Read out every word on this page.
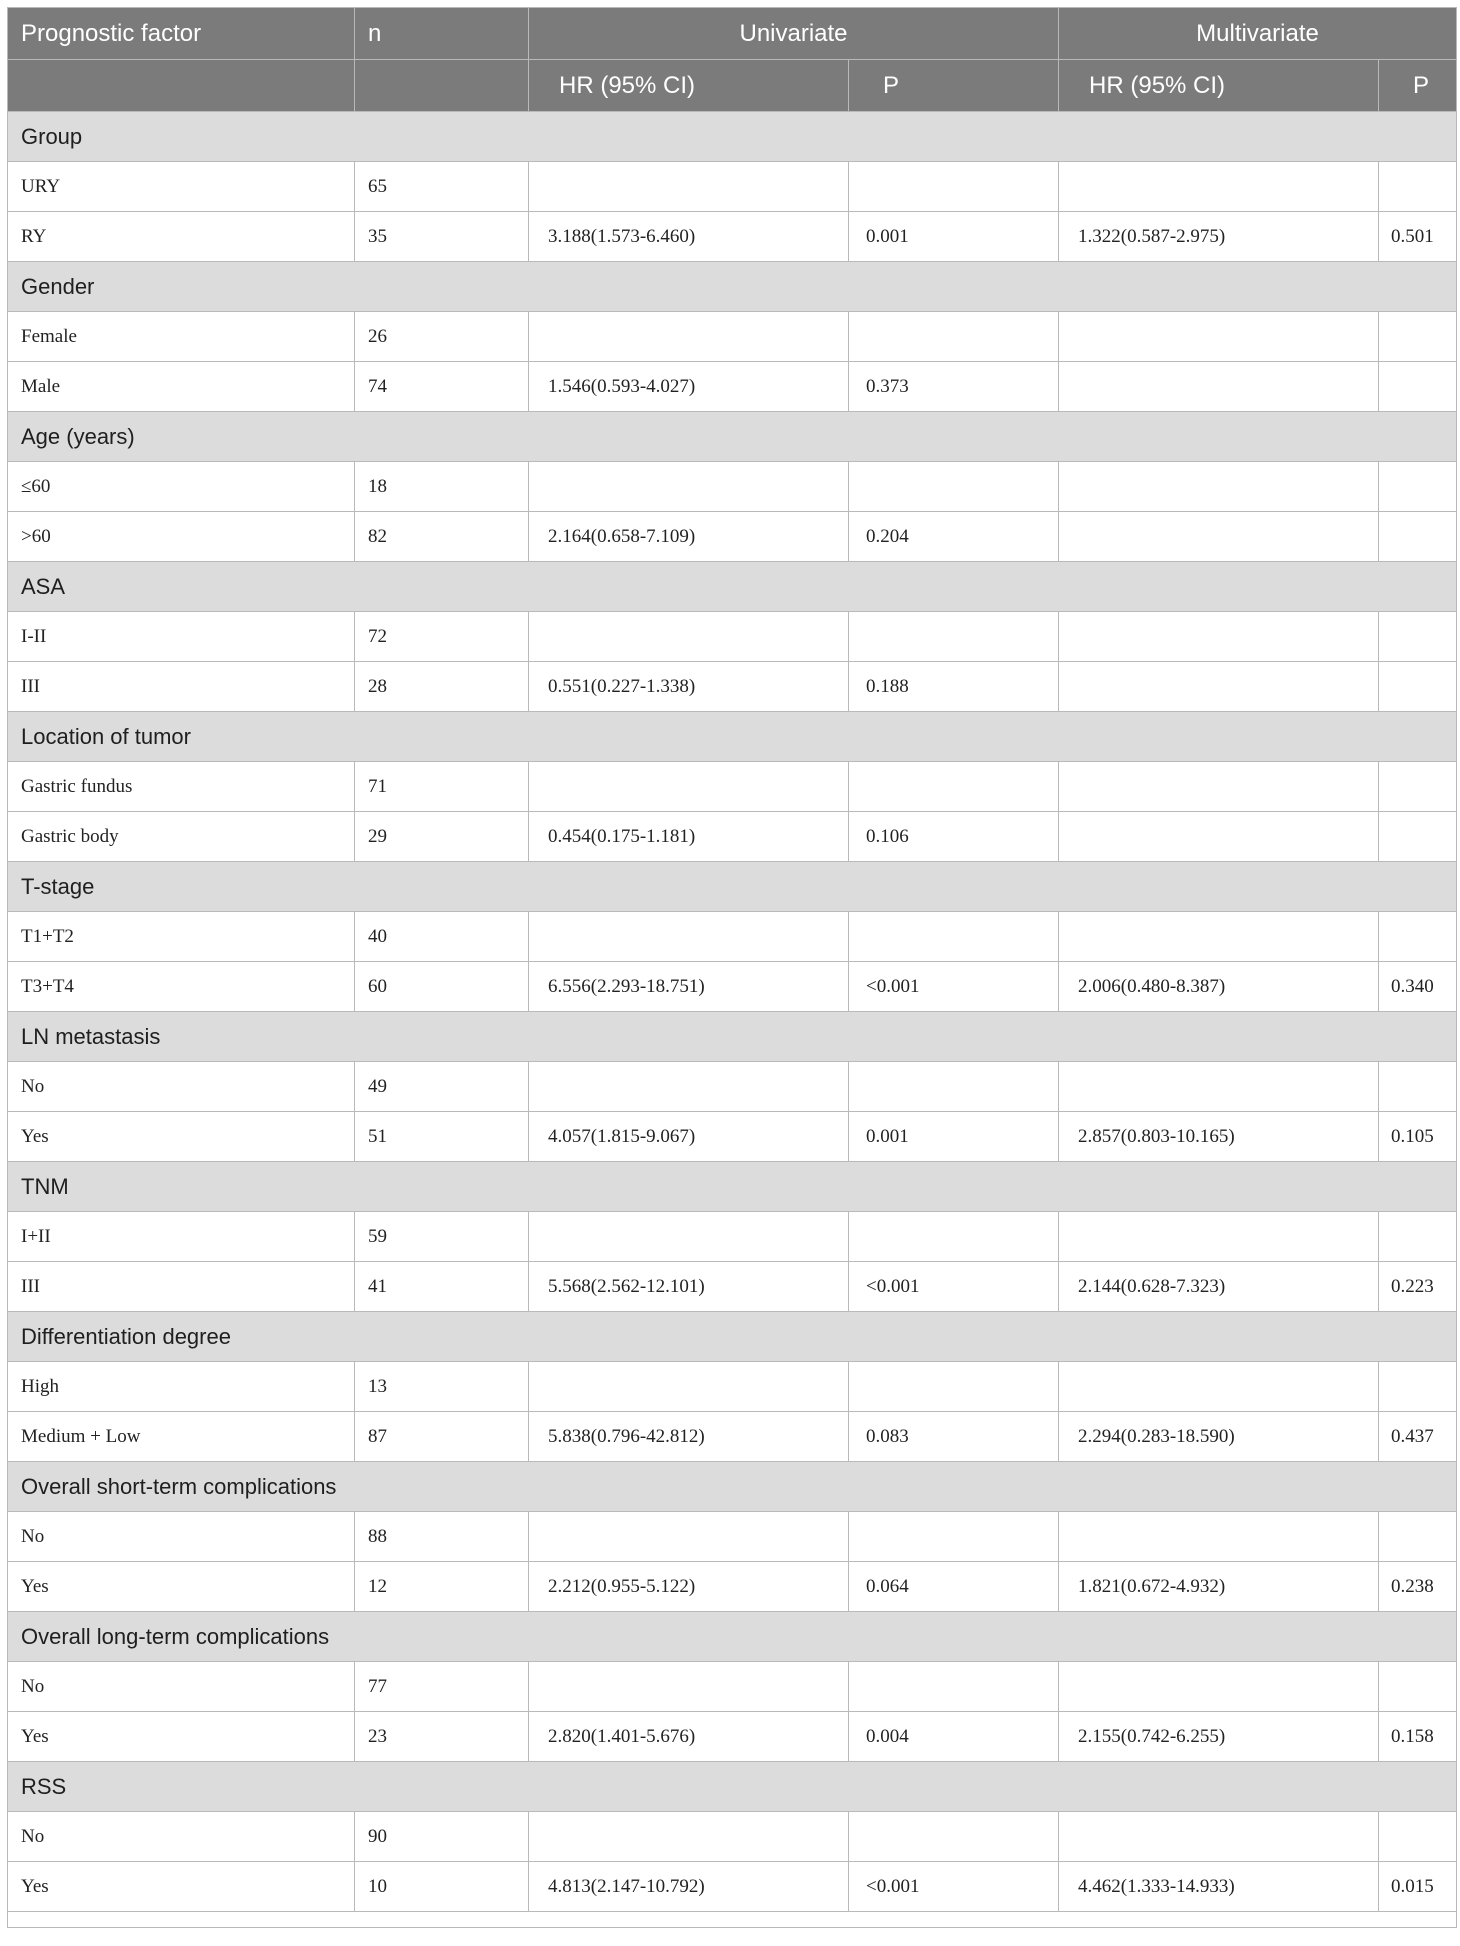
Prognostic factor	n	Univariate		Multivariate	
		HR (95% CI)	P	HR (95% CI)	P
Group					
URY	65				
RY	35	3.188(1.573-6.460)	0.001	1.322(0.587-2.975)	0.501
Gender					
Female	26				
Male	74	1.546(0.593-4.027)	0.373		
Age (years)					
≤60	18				
>60	82	2.164(0.658-7.109)	0.204		
ASA					
I-II	72				
III	28	0.551(0.227-1.338)	0.188		
Location of tumor					
Gastric fundus	71				
Gastric body	29	0.454(0.175-1.181)	0.106		
T-stage					
T1+T2	40				
T3+T4	60	6.556(2.293-18.751)	<0.001	2.006(0.480-8.387)	0.340
LN metastasis					
No	49				
Yes	51	4.057(1.815-9.067)	0.001	2.857(0.803-10.165)	0.105
TNM					
I+II	59				
III	41	5.568(2.562-12.101)	<0.001	2.144(0.628-7.323)	0.223
Differentiation degree					
High	13				
Medium + Low	87	5.838(0.796-42.812)	0.083	2.294(0.283-18.590)	0.437
Overall short-term complications					
No	88				
Yes	12	2.212(0.955-5.122)	0.064	1.821(0.672-4.932)	0.238
Overall long-term complications					
No	77				
Yes	23	2.820(1.401-5.676)	0.004	2.155(0.742-6.255)	0.158
RSS					
No	90				
Yes	10	4.813(2.147-10.792)	<0.001	4.462(1.333-14.933)	0.015
